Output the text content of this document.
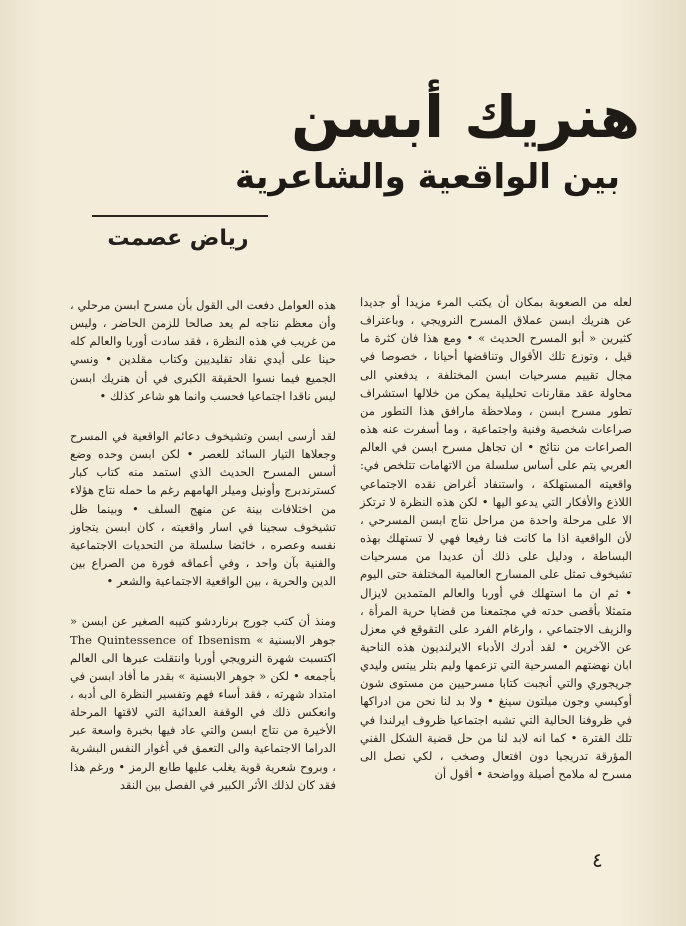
هنريك أبسن
بين الواقعية والشاعرية
رياض عصمت

لعله من الصعوبة بمكان أن يكتب المرء مزيدا أو جديدا عن هنريك ابسن عملاق المسرح النرويجي ، وباعتراف كثيرين « أبو المسرح الحديث » • ومع هذا فان كثرة ما قيل ، وتوزع تلك الأقوال وتناقضها أحيانا ، خصوصا في مجال تقييم مسرحيات ابسن المختلفة ، يدفعني الى محاولة عقد مقارنات تحليلية يمكن من خلالها استشراف تطور مسرح ابسن ، وملاحظة مارافق هذا التطور من صراعات شخصية وفنية واجتماعية ، وما أسفرت عنه هذه الصراعات من نتائج • ان تجاهل مسرح ابسن في العالم العربي يتم على أساس سلسلة من الاتهامات تتلخص في: واقعيته المستهلكة ، واستنفاد أغراض نقده الاجتماعي اللاذع والأفكار التي يدعو اليها • لكن هذه النظرة لا ترتكز الا على مرحلة واحدة من مراحل نتاج ابسن المسرحي ، لأن الواقعية اذا ما كانت فنا رفيعا فهي لا تستهلك بهذه البساطة ، ودليل على ذلك أن عديدا من مسرحيات تشيخوف تمثل على المسارح العالمية المختلفة حتى اليوم • ثم ان ما استهلك في أوربا والعالم المتمدين لايزال متمثلا بأقصى حدته في مجتمعنا من قضايا حرية المرأة ، والزيف الاجتماعي ، وارغام الفرد على التقوقع في معزل عن الآخرين • لقد أدرك الأدباء الايرلنديون هذه الناحية ابان نهضتهم المسرحية التي تزعمها وليم بتلر ييتس وليدي جريجوري والتي أنجبت كتابا مسرحيين من مستوى شون أوكيسي وجون ميلتون سينغ • ولا بد لنا نحن من ادراكها في ظروفنا الحالية التي تشبه اجتماعيا ظروف ايرلندا في تلك الفترة • كما انه لابد لنا من حل قضية الشكل الفني المؤرقة تدريجيا دون افتعال وصخب ، لكي نصل الى مسرح له ملامح أصيلة وواضحة • أقول أن

هذه العوامل دفعت الى القول بأن مسرح ابسن مرحلي ، وأن معظم نتاجه لم يعد صالحا للزمن الحاضر ، وليس من غريب في هذه النظرة ، فقد سادت أوربا والعالم كله حينا على أيدي نقاد تقليديين وكتاب مقلدين • ونسي الجميع فيما نسوا الحقيقة الكبرى في أن هنريك ابسن ليس ناقدا اجتماعيا فحسب وانما هو شاعر كذلك •

لقد أرسى ابسن وتشيخوف دعائم الواقعية في المسرح وجعلاها التيار السائد للعصر • لكن ابسن وحده وضع أسس المسرح الحديث الذي استمد منه كتاب كبار كسترندبرج وأونيل وميلر الهامهم رغم ما حمله نتاج هؤلاء من اختلافات بينة عن منهج السلف • وبينما ظل تشيخوف سجينا في اسار واقعيته ، كان ابسن يتجاوز نفسه وعصره ، خائضا سلسلة من التحديات الاجتماعية والفنية بآن واحد ، وفي أعماقه فورة من الصراع بين الدين والحرية ، بين الواقعية الاجتماعية والشعر •

ومنذ أن كتب جورج برناردشو كتيبه الصغير عن ابسن « جوهر الابسنية » The Quintessence of Ibsenism اكتسبت شهرة النرويجي أوربا وانتقلت عبرها الى العالم بأجمعه • لكن « جوهر الابسنية » بقدر ما أفاد ابسن في امتداد شهرته ، فقد أساء فهم وتفسير النظرة الى أدبه ، وانعكس ذلك في الوقفة العدائية التي لاقتها المرحلة الأخيرة من نتاج ابسن والتي عاد فيها بخبرة واسعة عبر الدراما الاجتماعية والى التعمق في أغوار النفس البشرية ، وبروح شعرية قوية يغلب عليها طابع الرمز • ورغم هذا فقد كان لذلك الأثر الكبير في الفصل بين النقد

٤
